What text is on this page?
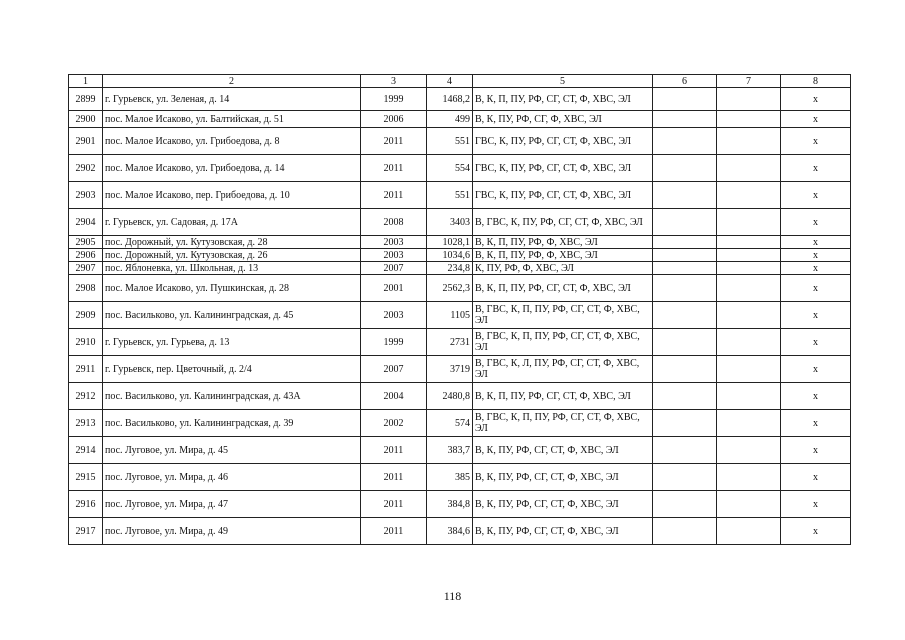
1	2	3	4	5	6	7	8
2899	г. Гурьевск, ул. Зеленая, д. 14	1999	1468,2	В, К, П, ПУ, РФ, СГ, СТ, Ф, ХВС, ЭЛ			x
2900	пос. Малое Исаково, ул. Балтийская, д. 51	2006	499	В, К, ПУ, РФ, СГ, Ф, ХВС, ЭЛ			x
2901	пос. Малое Исаково, ул. Грибоедова, д. 8	2011	551	ГВС, К, ПУ, РФ, СГ, СТ, Ф, ХВС, ЭЛ			x
2902	пос. Малое Исаково, ул. Грибоедова, д. 14	2011	554	ГВС, К, ПУ, РФ, СГ, СТ, Ф, ХВС, ЭЛ			x
2903	пос. Малое Исаково, пер. Грибоедова, д. 10	2011	551	ГВС, К, ПУ, РФ, СГ, СТ, Ф, ХВС, ЭЛ			x
2904	г. Гурьевск, ул. Садовая, д. 17А	2008	3403	В, ГВС, К, ПУ, РФ, СГ, СТ, Ф, ХВС, ЭЛ			x
2905	пос. Дорожный, ул. Кутузовская, д. 28	2003	1028,1	В, К, П, ПУ, РФ, Ф, ХВС, ЭЛ			x
2906	пос. Дорожный, ул. Кутузовская, д. 26	2003	1034,6	В, К, П, ПУ, РФ, Ф, ХВС, ЭЛ			x
2907	пос. Яблоневка, ул. Школьная, д. 13	2007	234,8	К, ПУ, РФ, Ф, ХВС, ЭЛ			x
2908	пос. Малое Исаково, ул. Пушкинская, д. 28	2001	2562,3	В, К, П, ПУ, РФ, СГ, СТ, Ф, ХВС, ЭЛ			x
2909	пос. Васильково, ул. Калининградская, д. 45	2003	1105	В, ГВС, К, П, ПУ, РФ, СГ, СТ, Ф, ХВС, ЭЛ			x
2910	г. Гурьевск, ул. Гурьева, д. 13	1999	2731	В, ГВС, К, П, ПУ, РФ, СГ, СТ, Ф, ХВС, ЭЛ			x
2911	г. Гурьевск, пер. Цветочный, д. 2/4	2007	3719	В, ГВС, К, Л, ПУ, РФ, СГ, СТ, Ф, ХВС, ЭЛ			x
2912	пос. Васильково, ул. Калининградская, д. 43А	2004	2480,8	В, К, П, ПУ, РФ, СГ, СТ, Ф, ХВС, ЭЛ			x
2913	пос. Васильково, ул. Калининградская, д. 39	2002	574	В, ГВС, К, П, ПУ, РФ, СГ, СТ, Ф, ХВС, ЭЛ			x
2914	пос. Луговое, ул. Мира, д. 45	2011	383,7	В, К, ПУ, РФ, СГ, СТ, Ф, ХВС, ЭЛ			x
2915	пос. Луговое, ул. Мира, д. 46	2011	385	В, К, ПУ, РФ, СГ, СТ, Ф, ХВС, ЭЛ			x
2916	пос. Луговое, ул. Мира, д. 47	2011	384,8	В, К, ПУ, РФ, СГ, СТ, Ф, ХВС, ЭЛ			x
2917	пос. Луговое, ул. Мира, д. 49	2011	384,6	В, К, ПУ, РФ, СГ, СТ, Ф, ХВС, ЭЛ			x
118
